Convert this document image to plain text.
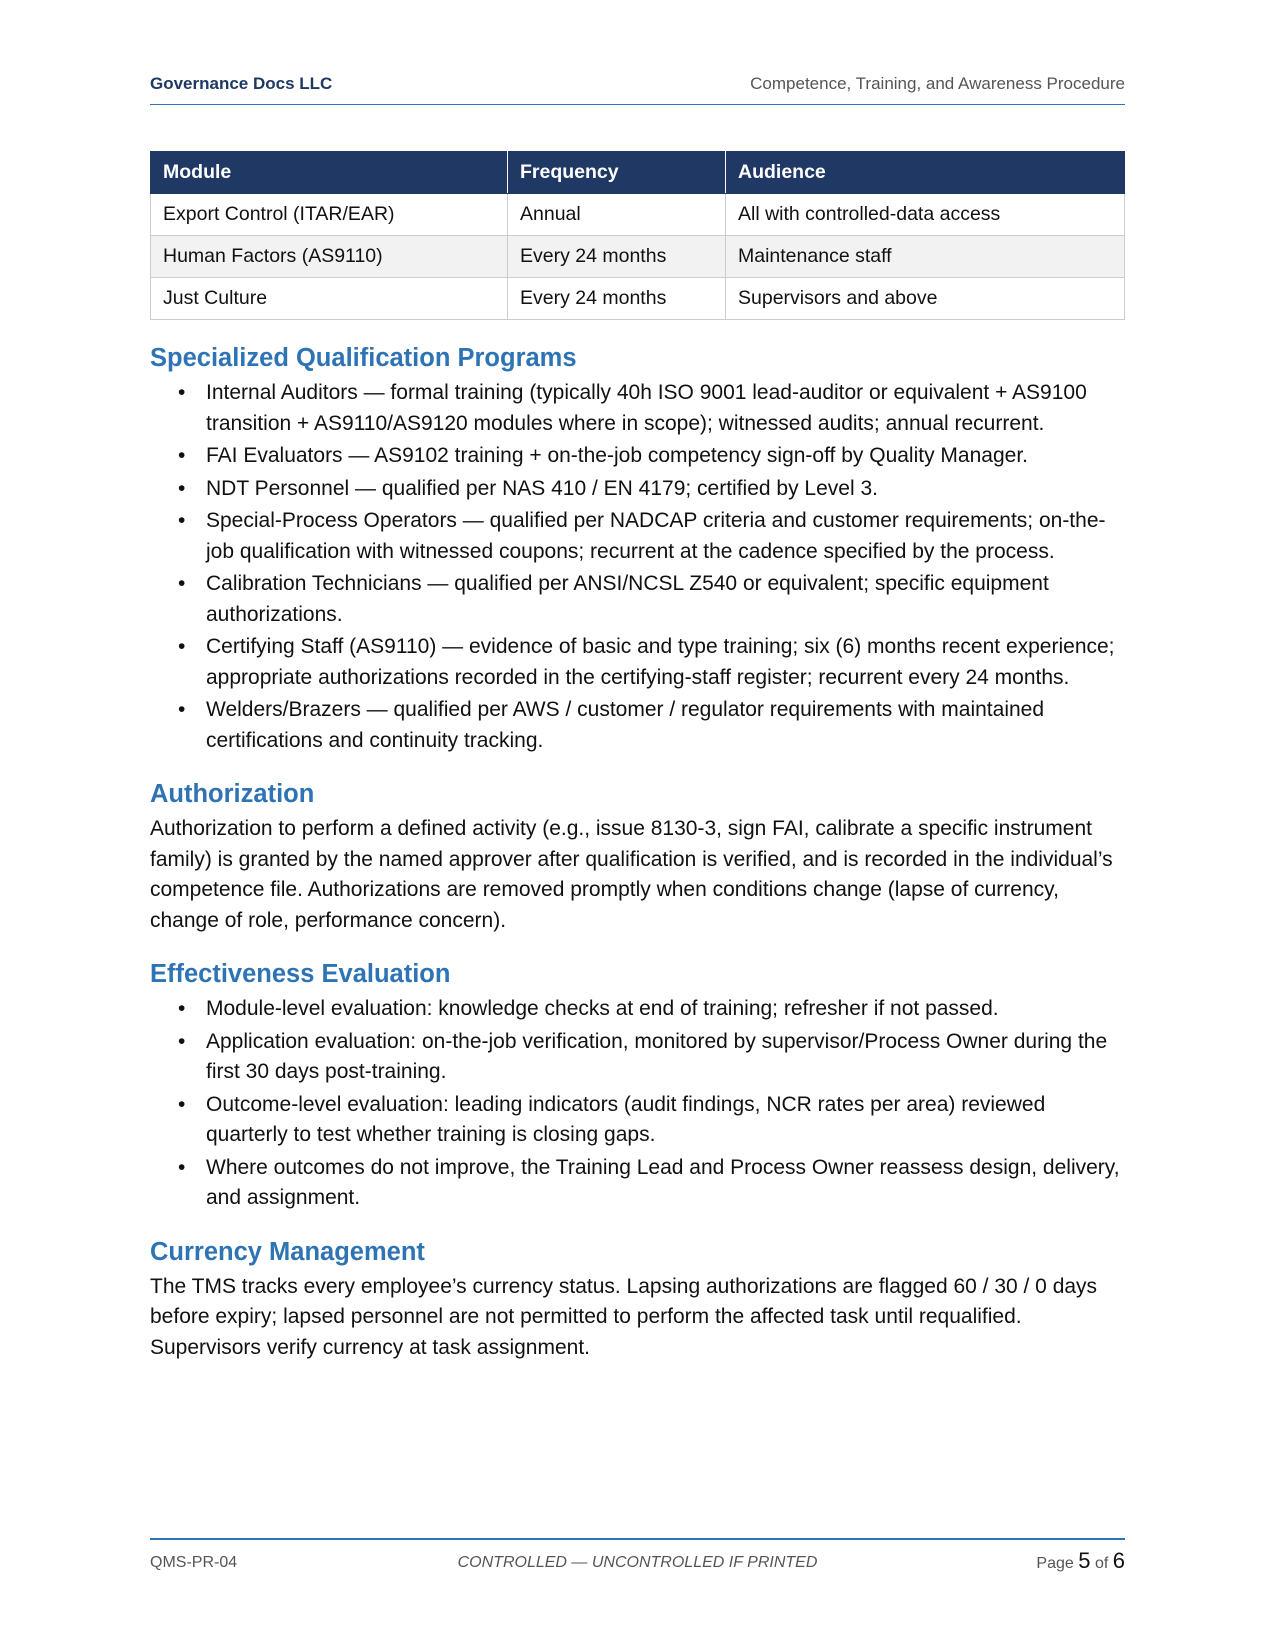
Governance Docs LLC	Competence, Training, and Awareness Procedure
Module	Frequency	Audience
Export Control (ITAR/EAR)	Annual	All with controlled-data access
Human Factors (AS9110)	Every 24 months	Maintenance staff
Just Culture	Every 24 months	Supervisors and above
Specialized Qualification Programs
• Internal Auditors — formal training (typically 40h ISO 9001 lead-auditor or equivalent + AS9100 transition + AS9110/AS9120 modules where in scope); witnessed audits; annual recurrent.
• FAI Evaluators — AS9102 training + on-the-job competency sign-off by Quality Manager.
• NDT Personnel — qualified per NAS 410 / EN 4179; certified by Level 3.
• Special-Process Operators — qualified per NADCAP criteria and customer requirements; on-the-job qualification with witnessed coupons; recurrent at the cadence specified by the process.
• Calibration Technicians — qualified per ANSI/NCSL Z540 or equivalent; specific equipment authorizations.
• Certifying Staff (AS9110) — evidence of basic and type training; six (6) months recent experience; appropriate authorizations recorded in the certifying-staff register; recurrent every 24 months.
• Welders/Brazers — qualified per AWS / customer / regulator requirements with maintained certifications and continuity tracking.
Authorization

Authorization to perform a defined activity (e.g., issue 8130-3, sign FAI, calibrate a specific instrument family) is granted by the named approver after qualification is verified, and is recorded in the individual’s competence file. Authorizations are removed promptly when conditions change (lapse of currency, change of role, performance concern).

Effectiveness Evaluation
• Module-level evaluation: knowledge checks at end of training; refresher if not passed.
• Application evaluation: on-the-job verification, monitored by supervisor/Process Owner during the first 30 days post-training.
• Outcome-level evaluation: leading indicators (audit findings, NCR rates per area) reviewed quarterly to test whether training is closing gaps.
• Where outcomes do not improve, the Training Lead and Process Owner reassess design, delivery, and assignment.
Currency Management

The TMS tracks every employee’s currency status. Lapsing authorizations are flagged 60 / 30 / 0 days before expiry; lapsed personnel are not permitted to perform the affected task until requalified. Supervisors verify currency at task assignment.

QMS-PR-04	CONTROLLED — UNCONTROLLED IF PRINTED	Page 5 of 6
